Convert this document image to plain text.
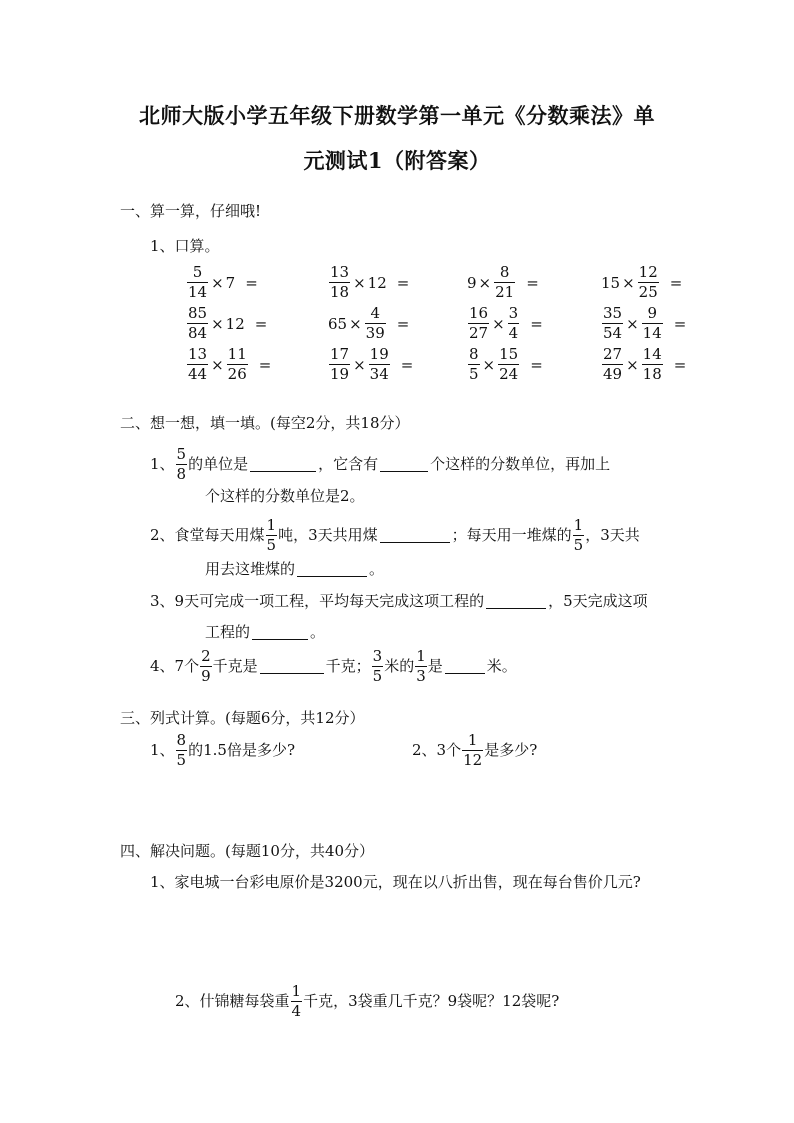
北师大版小学五年级下册数学第一单元《分数乘法》单
元测试1（附答案）
一、算一算，仔细哦!
1、口算。
$\frac{5}{14} \times 7$ =	$\frac{13}{18} \times 12$ =	$9 \times \frac{8}{21}$ =	$15 \times \frac{12}{25}$ =
$\frac{85}{84} \times 12$ =	$65 \times \frac{4}{39}$ =	$\frac{16}{27} \times \frac{3}{4}$ =	$\frac{35}{54} \times \frac{9}{14}$ =
$\frac{13}{44} \times \frac{11}{26}$ =	$\frac{17}{19} \times \frac{19}{34}$ =	$\frac{8}{5} \times \frac{15}{24}$ =	$\frac{27}{49} \times \frac{14}{18}$ =
二、想一想，填一填。(每空2分，共18分）
1、 $\frac{5}{8}$ 的单位是	，它含有	个这样的分数单位，再加上
个这样的分数单位是2。
2、食堂每天用煤 $\frac{1}{5}$ 吨，3天共用煤	；每天用一堆煤的 $\frac{1}{5}$ ，3天共
用去这堆煤的	。
3、9天可完成一项工程，平均每天完成这项工程的	，5天完成这项
工程的	。
4、7个 $\frac{2}{9}$ 千克是	千克； $\frac{3}{5}$ 米的 $\frac{1}{3}$ 是	米。
三、列式计算。(每题6分，共12分）
1、 $\frac{8}{5}$ 的1.5倍是多少?	2、3个 $\frac{1}{12}$ 是多少?
四、解决问题。(每题10分，共40分）
1、家电城一台彩电原价是3200元，现在以八折出售，现在每台售价几元?
2、什锦糖每袋重 $\frac{1}{4}$ 千克，3袋重几千克？9袋呢？12袋呢?
